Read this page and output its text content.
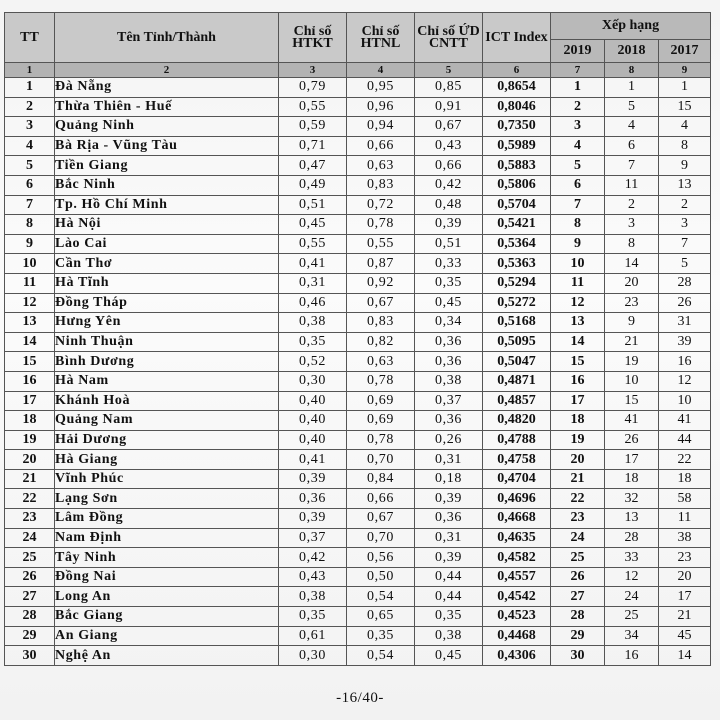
TT	Tên Tỉnh/Thành	Chỉ số HTKT	Chỉ số HTNL	Chỉ số ỨD CNTT	ICT Index	Xếp hạng		
						2019	2018	2017
1	2	3	4	5	6	7	8	9
1	Đà Nẵng	0,79	0,95	0,85	0,8654	1	1	1
2	Thừa Thiên - Huế	0,55	0,96	0,91	0,8046	2	5	15
3	Quảng Ninh	0,59	0,94	0,67	0,7350	3	4	4
4	Bà Rịa - Vũng Tàu	0,71	0,66	0,43	0,5989	4	6	8
5	Tiền Giang	0,47	0,63	0,66	0,5883	5	7	9
6	Bắc Ninh	0,49	0,83	0,42	0,5806	6	11	13
7	Tp. Hồ Chí Minh	0,51	0,72	0,48	0,5704	7	2	2
8	Hà Nội	0,45	0,78	0,39	0,5421	8	3	3
9	Lào Cai	0,55	0,55	0,51	0,5364	9	8	7
10	Cần Thơ	0,41	0,87	0,33	0,5363	10	14	5
11	Hà Tĩnh	0,31	0,92	0,35	0,5294	11	20	28
12	Đồng Tháp	0,46	0,67	0,45	0,5272	12	23	26
13	Hưng Yên	0,38	0,83	0,34	0,5168	13	9	31
14	Ninh Thuận	0,35	0,82	0,36	0,5095	14	21	39
15	Bình Dương	0,52	0,63	0,36	0,5047	15	19	16
16	Hà Nam	0,30	0,78	0,38	0,4871	16	10	12
17	Khánh Hoà	0,40	0,69	0,37	0,4857	17	15	10
18	Quảng Nam	0,40	0,69	0,36	0,4820	18	41	41
19	Hải Dương	0,40	0,78	0,26	0,4788	19	26	44
20	Hà Giang	0,41	0,70	0,31	0,4758	20	17	22
21	Vĩnh Phúc	0,39	0,84	0,18	0,4704	21	18	18
22	Lạng Sơn	0,36	0,66	0,39	0,4696	22	32	58
23	Lâm Đồng	0,39	0,67	0,36	0,4668	23	13	11
24	Nam Định	0,37	0,70	0,31	0,4635	24	28	38
25	Tây Ninh	0,42	0,56	0,39	0,4582	25	33	23
26	Đồng Nai	0,43	0,50	0,44	0,4557	26	12	20
27	Long An	0,38	0,54	0,44	0,4542	27	24	17
28	Bắc Giang	0,35	0,65	0,35	0,4523	28	25	21
29	An Giang	0,61	0,35	0,38	0,4468	29	34	45
30	Nghệ An	0,30	0,54	0,45	0,4306	30	16	14
-16/40-
